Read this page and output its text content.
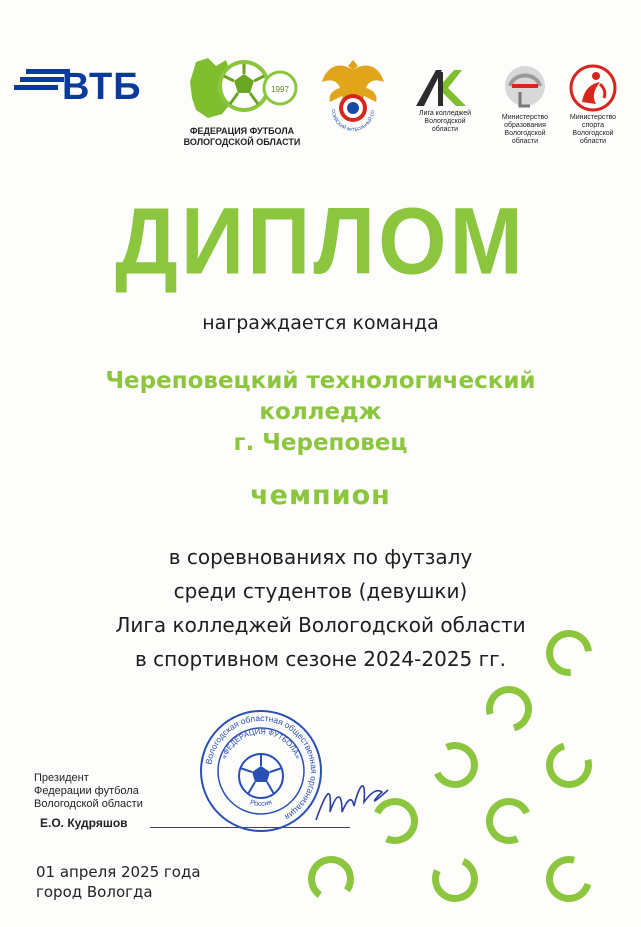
ВТБ	1997
ФЕДЕРАЦИЯ ФУТБОЛА
ВОЛОГОДСКОЙ ОБЛАСТИ
ССИЙСКИЙ ФУТБОЛЬНЫЙ СО	Лига колледжей
Вологодской
области
Министерство
образования
Вологодской
области
Министерство
спорта
Вологодской
области
ДИПЛОМ
награждается команда
Череповецкий технологический
колледж
г. Череповец
чемпион
в соревнованиях по футзалу
среди студентов (девушки)
Лига колледжей Вологодской области
в спортивном сезоне 2024-2025 гг.
Президент
Федерации футбола
Вологодской области
Е.О. Кудряшов
Вологодская областная общественная организация
«ФЕДЕРАЦИЯ ФУТБОЛА»
Россия
01 апреля 2025 года
город Вологда
